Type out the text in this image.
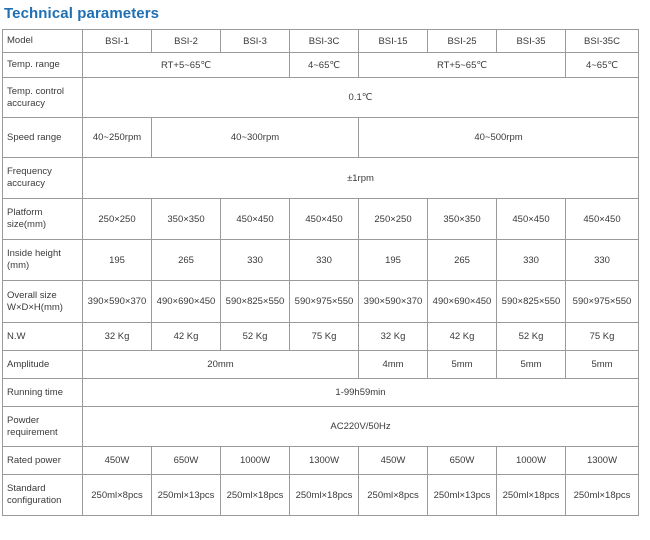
Technical parameters
Model	BSI-1	BSI-2	BSI-3	BSI-3C	BSI-15	BSI-25	BSI-35	BSI-35C
Temp. range	RT+5~65℃			4~65℃	RT+5~65℃			4~65℃
Temp. control accuracy	0.1℃							
Speed range	40~250rpm	40~300rpm			40~500rpm			
Frequency accuracy	±1rpm							
Platform size(mm)	250×250	350×350	450×450	450×450	250×250	350×350	450×450	450×450
Inside height (mm)	195	265	330	330	195	265	330	330
Overall size W×D×H(mm)	390×590×370	490×690×450	590×825×550	590×975×550	390×590×370	490×690×450	590×825×550	590×975×550
N.W	32 Kg	42 Kg	52 Kg	75 Kg	32 Kg	42 Kg	52 Kg	75 Kg
Amplitude	20mm				4mm	5mm	5mm	5mm
Running time	1-99h59min							
Powder requirement	AC220V/50Hz							
Rated power	450W	650W	1000W	1300W	450W	650W	1000W	1300W
Standard configuration	250ml×8pcs	250ml×13pcs	250ml×18pcs	250ml×18pcs	250ml×8pcs	250ml×13pcs	250ml×18pcs	250ml×18pcs
